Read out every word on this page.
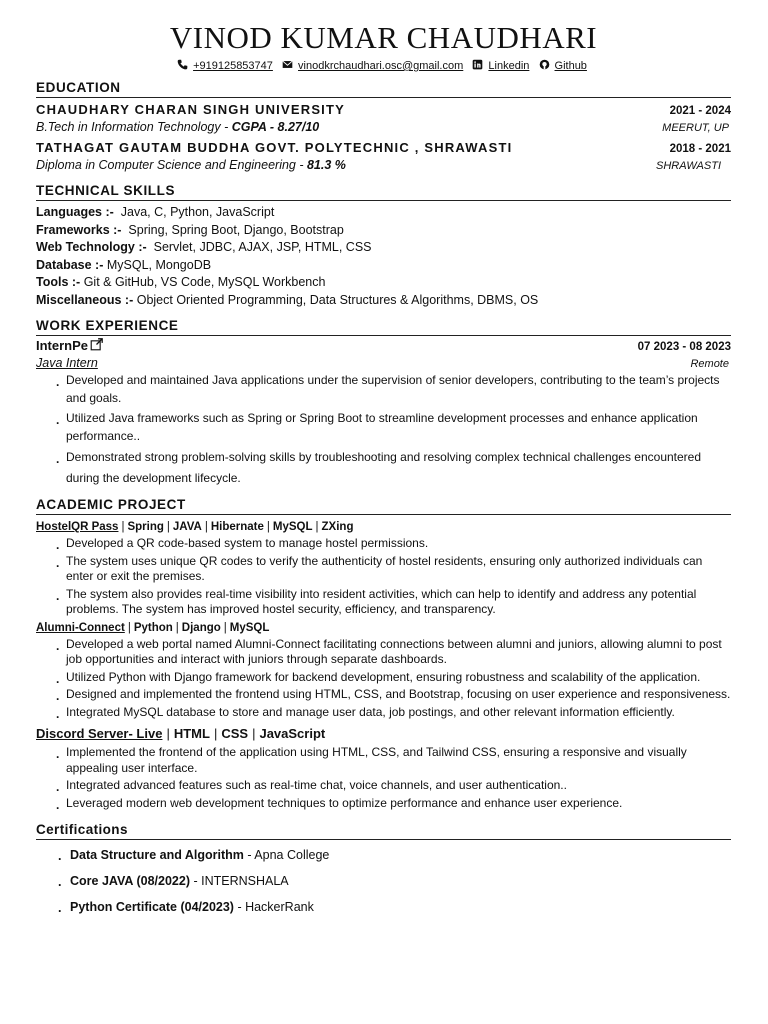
VINOD KUMAR CHAUDHARI
+919125853747 vinodkrchaudhari.osc@gmail.com Linkedin Github
EDUCATION
CHAUDHARY CHARAN SINGH UNIVERSITY	2021 - 2024
B.Tech in Information Technology - CGPA - 8.27/10	MEERUT, UP
TATHAGAT GAUTAM BUDDHA GOVT. POLYTECHNIC , SHRAWASTI	2018 - 2021
Diploma in Computer Science and Engineering - 81.3 %	SHRAWASTI
TECHNICAL SKILLS
Languages :- Java, C, Python, JavaScript
Frameworks :- Spring, Spring Boot, Django, Bootstrap
Web Technology :- Servlet, JDBC, AJAX, JSP, HTML, CSS
Database :- MySQL, MongoDB
Tools :- Git & GitHub, VS Code, MySQL Workbench
Miscellaneous :- Object Oriented Programming, Data Structures & Algorithms, DBMS, OS
WORK EXPERIENCE
InternPe	07 2023 - 08 2023
Java Intern	Remote
. Developed and maintained Java applications under the supervision of senior developers, contributing to the team’s projects and goals.
. Utilized Java frameworks such as Spring or Spring Boot to streamline development processes and enhance application performance..
. Demonstrated strong problem-solving skills by troubleshooting and resolving complex technical challenges encountered during the development lifecycle.
ACADEMIC PROJECT
HostelQR Pass | Spring | JAVA | Hibernate | MySQL | ZXing
. Developed a QR code-based system to manage hostel permissions.
. The system uses unique QR codes to verify the authenticity of hostel residents, ensuring only authorized individuals can enter or exit the premises.
. The system also provides real-time visibility into resident activities, which can help to identify and address any potential problems. The system has improved hostel security, efficiency, and transparency.
Alumni-Connect | Python | Django | MySQL
. Developed a web portal named Alumni-Connect facilitating connections between alumni and juniors, allowing alumni to post job opportunities and interact with juniors through separate dashboards.
. Utilized Python with Django framework for backend development, ensuring robustness and scalability of the application.
. Designed and implemented the frontend using HTML, CSS, and Bootstrap, focusing on user experience and responsiveness.
. Integrated MySQL database to store and manage user data, job postings, and other relevant information efficiently.
Discord Server- Live | HTML | CSS | JavaScript
. Implemented the frontend of the application using HTML, CSS, and Tailwind CSS, ensuring a responsive and visually appealing user interface.
. Integrated advanced features such as real-time chat, voice channels, and user authentication..
. Leveraged modern web development techniques to optimize performance and enhance user experience.
Certifications
. Data Structure and Algorithm - Apna College
. Core JAVA (08/2022) - INTERNSHALA
. Python Certificate (04/2023) - HackerRank
